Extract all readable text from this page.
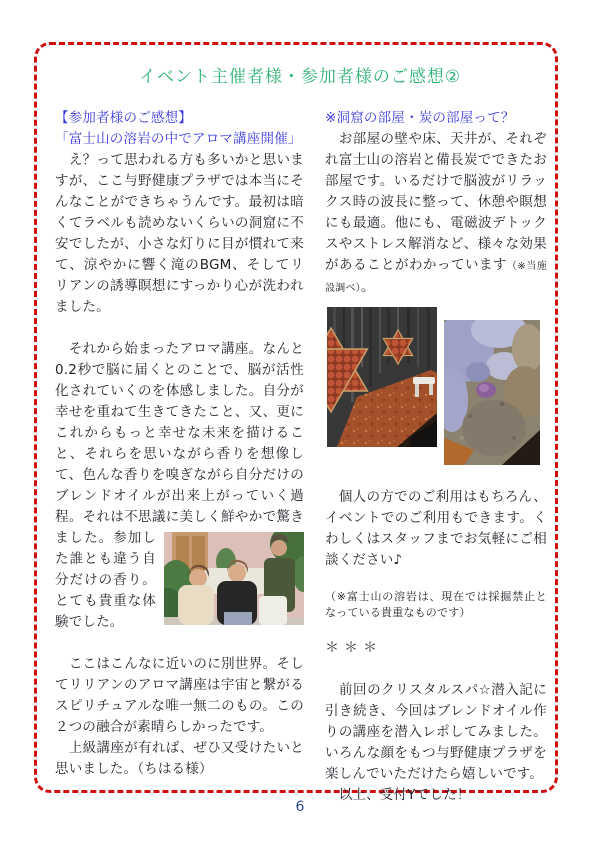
イベント主催者様・参加者様のご感想②

【参加者様のご感想】

「富士山の溶岩の中でアロマ講座開催」

　え？って思われる方も多いかと思いますが、ここ与野健康プラザでは本当にそんなことができちゃうんです。最初は暗くてラベルも読めないくらいの洞窟に不安でしたが、小さな灯りに目が慣れて来て、涼やかに響く滝のBGM、そしてリリアンの誘導瞑想にすっかり心が洗われました。

　それから始まったアロマ講座。なんと0.2秒で脳に届くとのことで、脳が活性化されていくのを体感しました。自分が幸せを重ねて生きてきたこと、又、更にこれからもっと幸せな未来を描けること、それらを思いながら香りを想像して、色んな香りを嗅ぎながら自分だけのブレンドオイルが出来上がっていく過程。それは不思議に美しく鮮やかで驚き
ました。参加した誰とも違う自分だけの香り。とても貴重な体験でした。

　ここはこんなに近いのに別世界。そしてリリアンのアロマ講座は宇宙と繋がるスピリチュアルな唯一無二のもの。この２つの融合が素晴らしかったです。

　上級講座が有れば、ぜひ又受けたいと思いました。（ちはる様）

※洞窟の部屋・炭の部屋って？

　お部屋の壁や床、天井が、それぞれ富士山の溶岩と備長炭でできたお部屋です。いるだけで脳波がリラックス時の波長に整って、休憩や瞑想にも最適。他にも、電磁波デトックスやストレス解消など、様々な効果があることがわかっています（※当施設調べ）。

　個人の方でのご利用はもちろん、イベントでのご利用もできます。くわしくはスタッフまでお気軽にご相談ください♪

（※富士山の溶岩は、現在では採掘禁止となっている貴重なものです）

＊＊＊

　前回のクリスタルスパ☆潜入記に引き続き、今回はブレンドオイル作りの講座を潜入レポしてみました。いろんな顔をもつ与野健康プラザを楽しんでいただけたら嬉しいです。

　以上、受付Yでした！

6
